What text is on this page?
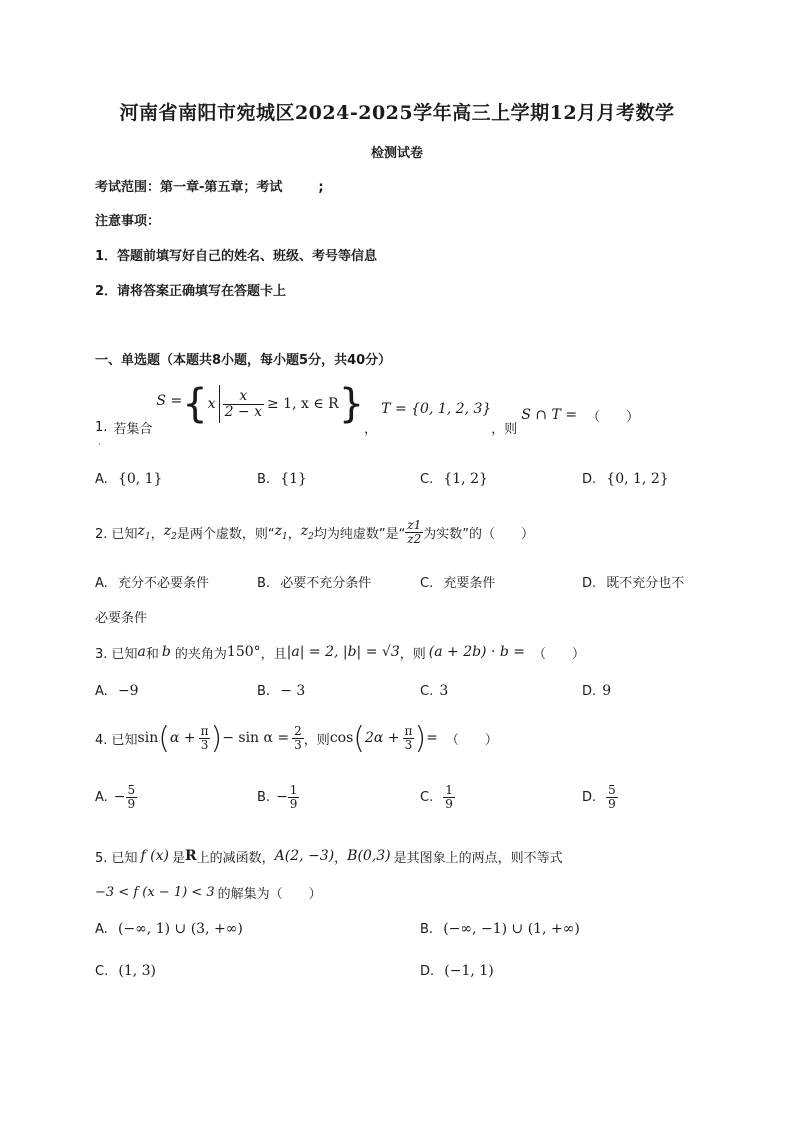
河南省南阳市宛城区2024-2025学年高三上学期12月月考数学
检测试卷
考试范围：第一章-第五章；考试	;
注意事项：
1．答题前填写好自己的姓名、班级、考号等信息
2．请将答案正确填写在答题卡上
一、单选题（本题共8小题，每小题5分，共40分）
1. 若集合
S = { x $\frac{x}{2 - x} \ge 1$, x ∈ R }
，
T = {0, 1, 2, 3}
，则
S ∩ T = （　　）
·
A. {0, 1}	B. {1}	C. {1, 2}	D. {0, 1, 2}
2. 已知 $z_1$ ， $z_2$ 是两个虚数，则“ $z_1$ ， $z_2$ 均为纯虚数”是“ $\frac{z1}{z2}$ 为实数”的（　　）
A. 充分不必要条件	B. 必要不充分条件	C. 充要条件	D. 既不充分也不
必要条件
3. 已知 a 和 b 的夹角为 150° ，且 |a| = 2, |b| = √3 ，则 (a + 2b) · b = （　　）
A. −9	B. − 3	C. 3	D. 9
4. 已知 sin ( $\alpha + \frac{\pi}{3}$ ) − $\sin \alpha = \frac{2}{3}$ ，则 cos ( $2\alpha + \frac{\pi}{3}$ ) = （　　）
A. − $\frac{5}{9}$	B. − $\frac{1}{9}$	C. $\frac{1}{9}$	D. $\frac{5}{9}$
5. 已知 f (x) 是 R 上的减函数， A(2, −3) ， B(0,3) 是其图象上的两点，则不等式
−3 < f (x − 1) < 3 的解集为（　　）
A. (−∞, 1) ∪ (3, +∞)	B. (−∞, −1) ∪ (1, +∞)
C. (1, 3)	D. (−1, 1)
